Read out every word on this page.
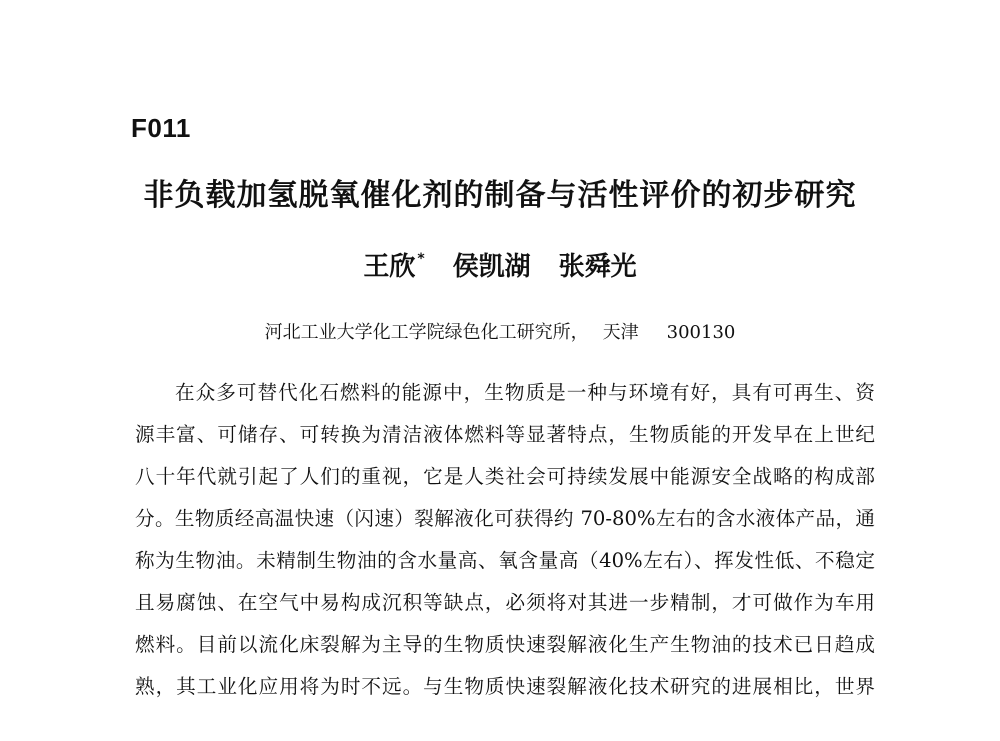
F011
非负载加氢脱氧催化剂的制备与活性评价的初步研究
王欣 * 侯凯湖 张舜光
河北工业大学化工学院绿色化工研究所， 天津 300130
在众多可替代化石燃料的能源中，生物质是一种与环境有好，具有可再生、资
源丰富、可储存、可转换为清洁液体燃料等显著特点，生物质能的开发早在上世纪
八十年代就引起了人们的重视，它是人类社会可持续发展中能源安全战略的构成部
分。生物质经高温快速（闪速）裂解液化可获得约 70-80%左右的含水液体产品，通
称为生物油。未精制生物油的含水量高、氧含量高（40%左右）、挥发性低、不稳定
且易腐蚀、在空气中易构成沉积等缺点，必须将对其进一步精制，才可做作为车用
燃料。目前以流化床裂解为主导的生物质快速裂解液化生产生物油的技术已日趋成
熟，其工业化应用将为时不远。与生物质快速裂解液化技术研究的进展相比，世界
